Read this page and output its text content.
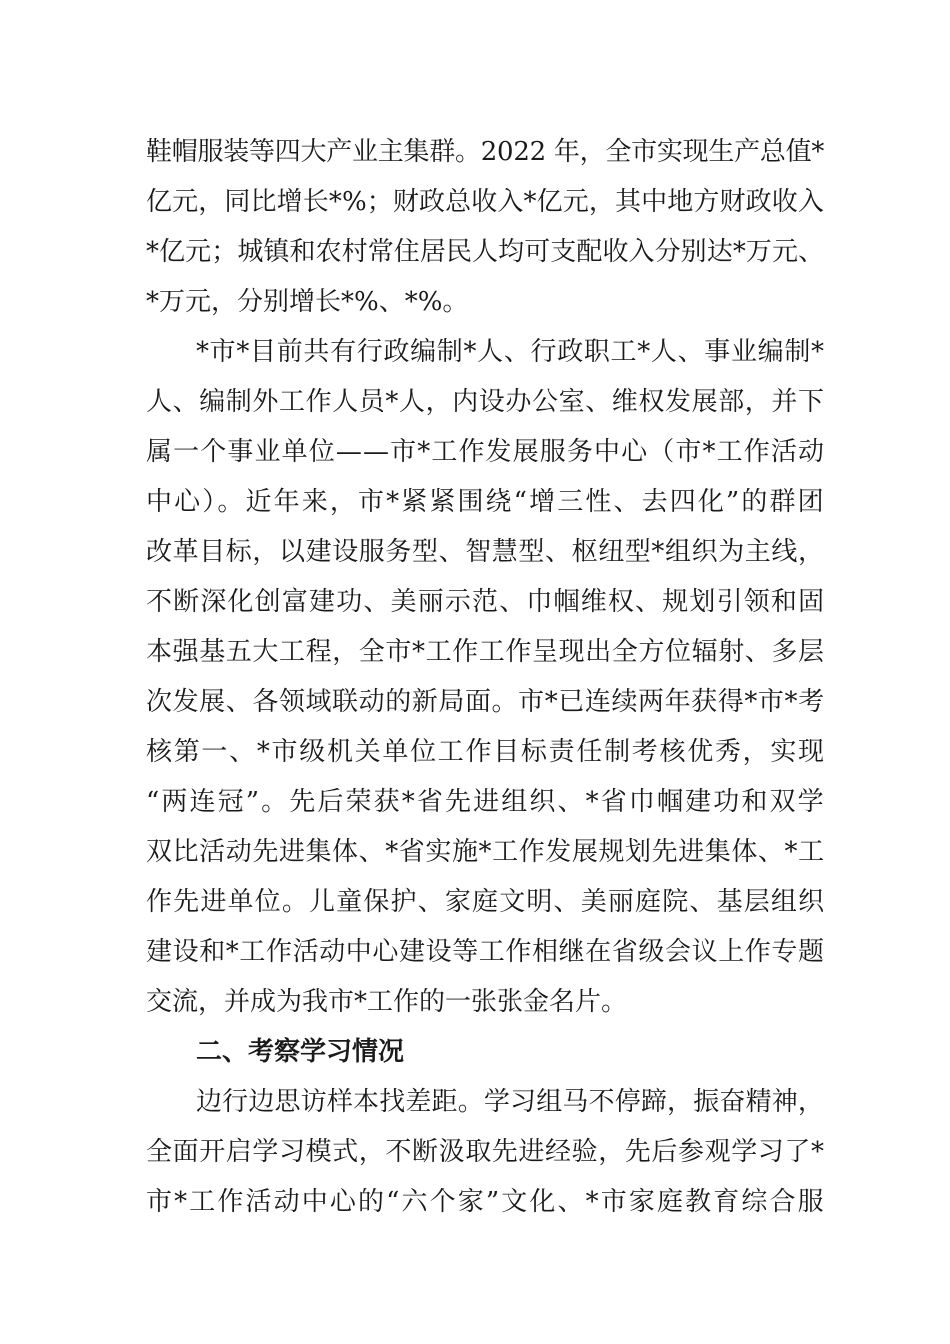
鞋帽服装等四大产业主集群。2022 年，全市实现生产总值*
亿元，同比增长*%；财政总收入*亿元，其中地方财政收入
*亿元；城镇和农村常住居民人均可支配收入分别达*万元、
*万元，分别增长*%、*%。
*市*目前共有行政编制*人、行政职工*人、事业编制*
人、编制外工作人员*人，内设办公室、维权发展部，并下
属一个事业单位——市*工作发展服务中心（市*工作活动
中心）。近年来，市*紧紧围绕“增三性、去四化”的群团
改革目标，以建设服务型、智慧型、枢纽型*组织为主线，
不断深化创富建功、美丽示范、巾帼维权、规划引领和固
本强基五大工程，全市*工作工作呈现出全方位辐射、多层
次发展、各领域联动的新局面。市*已连续两年获得*市*考
核第一、*市级机关单位工作目标责任制考核优秀，实现
“两连冠”。先后荣获*省先进组织、*省巾帼建功和双学
双比活动先进集体、*省实施*工作发展规划先进集体、*工
作先进单位。儿童保护、家庭文明、美丽庭院、基层组织
建设和*工作活动中心建设等工作相继在省级会议上作专题
交流，并成为我市*工作的一张张金名片。
二、考察学习情况
边行边思访样本找差距。学习组马不停蹄，振奋精神，
全面开启学习模式，不断汲取先进经验，先后参观学习了*
市*工作活动中心的“六个家”文化、*市家庭教育综合服
